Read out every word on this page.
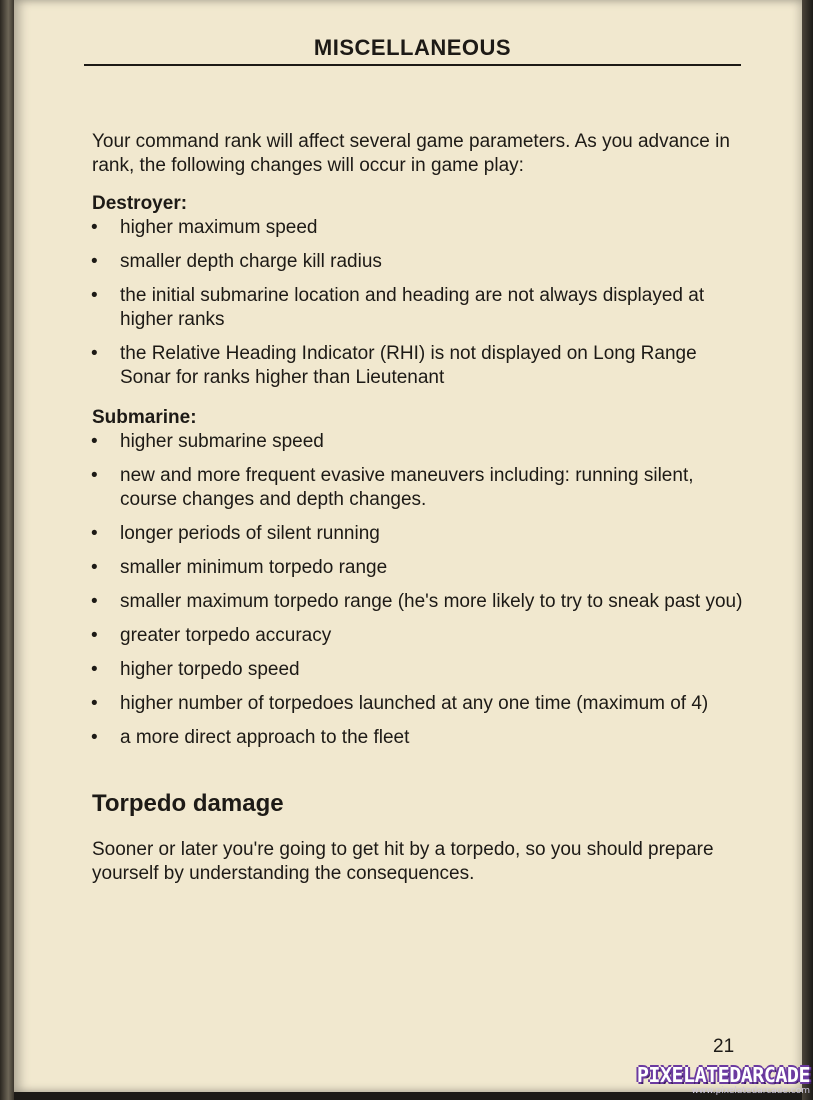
MISCELLANEOUS

Your command rank will affect several game parameters. As you advance in rank, the following changes will occur in game play:

Destroyer:

• higher maximum speed
• smaller depth charge kill radius
• the initial submarine location and heading are not always displayed at higher ranks
• the Relative Heading Indicator (RHI) is not displayed on Long Range Sonar for ranks higher than Lieutenant

Submarine:

• higher submarine speed
• new and more frequent evasive maneuvers including: running silent, course changes and depth changes.
• longer periods of silent running
• smaller minimum torpedo range
• smaller maximum torpedo range (he's more likely to try to sneak past you)
• greater torpedo accuracy
• higher torpedo speed
• higher number of torpedoes launched at any one time (maximum of 4)
• a more direct approach to the fleet

Torpedo damage

Sooner or later you're going to get hit by a torpedo, so you should prepare yourself by understanding the consequences.

21
PIXELATEDARCADE
www.pixelatedarcade.com
